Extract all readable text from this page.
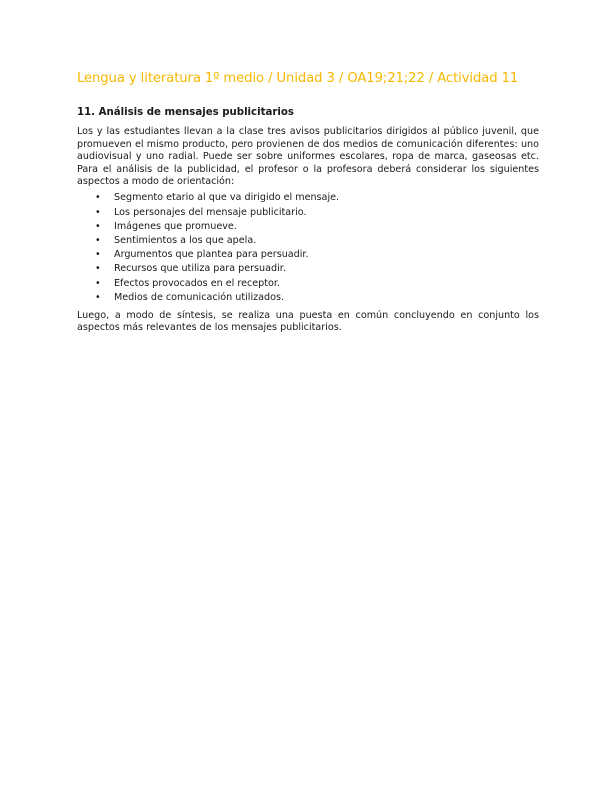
Lengua y literatura 1º medio / Unidad 3 / OA19;21;22 / Actividad 11
11. Análisis de mensajes publicitarios

Los y las estudiantes llevan a la clase tres avisos publicitarios dirigidos al público juvenil, que promueven el mismo producto, pero provienen de dos medios de comunicación diferentes: uno audiovisual y uno radial. Puede ser sobre uniformes escolares, ropa de marca, gaseosas etc. Para el análisis de la publicidad, el profesor o la profesora deberá considerar los siguientes aspectos a modo de orientación:

• Segmento etario al que va dirigido el mensaje.
• Los personajes del mensaje publicitario.
• Imágenes que promueve.
• Sentimientos a los que apela.
• Argumentos que plantea para persuadir.
• Recursos que utiliza para persuadir.
• Efectos provocados en el receptor.
• Medios de comunicación utilizados.

Luego, a modo de síntesis, se realiza una puesta en común concluyendo en conjunto los aspectos más relevantes de los mensajes publicitarios.
